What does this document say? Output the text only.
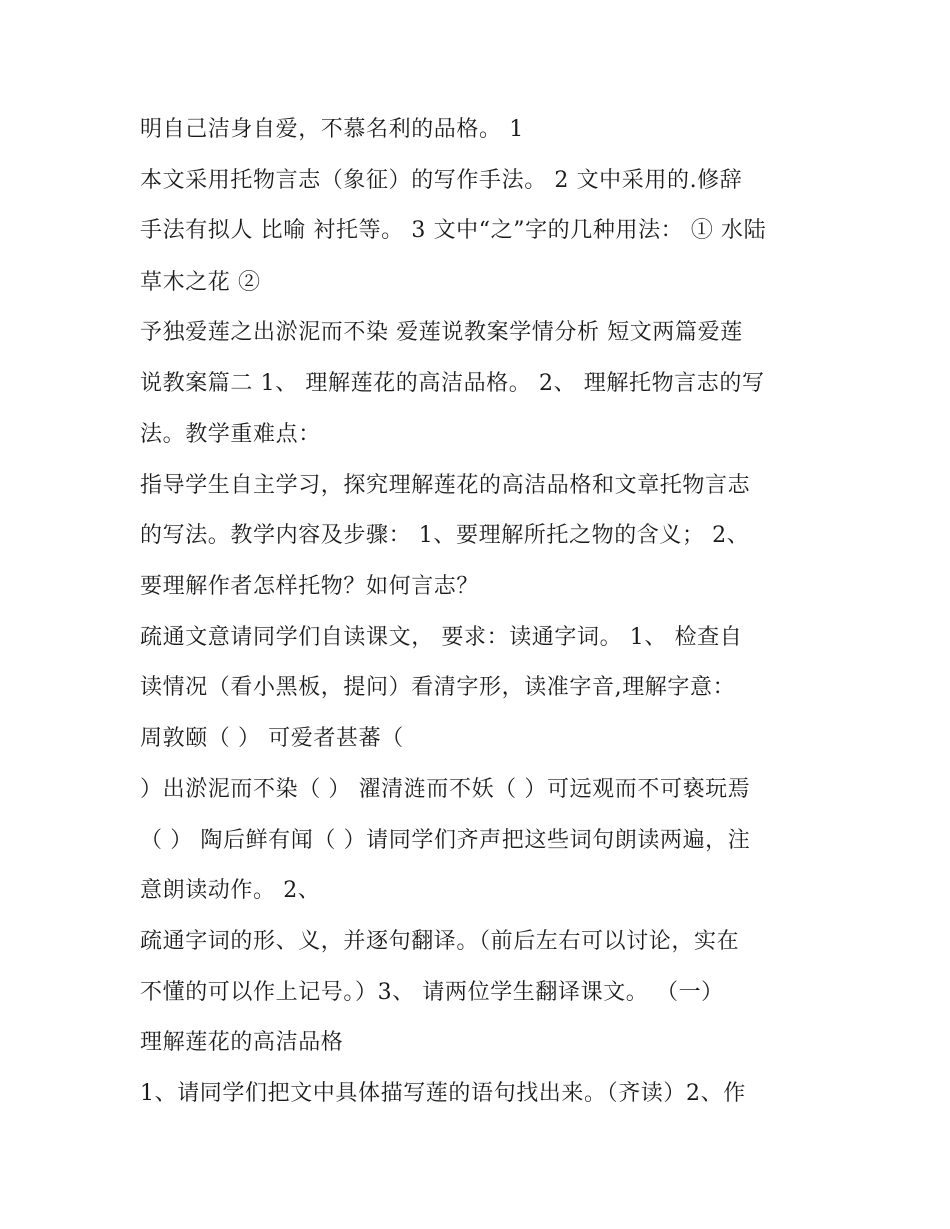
明自己洁身自爱，不慕名利的品格。 1
本文采用托物言志（象征）的写作手法。 2 文中采用的.修辞
手法有拟人 比喻 衬托等。 3 文中“之”字的几种用法： ① 水陆
草木之花 ②
予独爱莲之出淤泥而不染 爱莲说教案学情分析 短文两篇爱莲
说教案篇二 1、 理解莲花的高洁品格。 2、 理解托物言志的写
法。教学重难点：
指导学生自主学习，探究理解莲花的高洁品格和文章托物言志
的写法。教学内容及步骤： 1、要理解所托之物的含义； 2、
要理解作者怎样托物？如何言志？
疏通文意请同学们自读课文， 要求：读通字词。 1、 检查自
读情况（看小黑板，提问）看清字形，读准字音,理解字意：
周敦颐（ ） 可爱者甚蕃（
）出淤泥而不染（ ） 濯清涟而不妖（ ）可远观而不可亵玩焉
（ ） 陶后鲜有闻（ ）请同学们齐声把这些词句朗读两遍，注
意朗读动作。 2、
疏通字词的形、义，并逐句翻译。（前后左右可以讨论，实在
不懂的可以作上记号。）3、 请两位学生翻译课文。 （一）
理解莲花的高洁品格
1、请同学们把文中具体描写莲的语句找出来。（齐读）2、作
